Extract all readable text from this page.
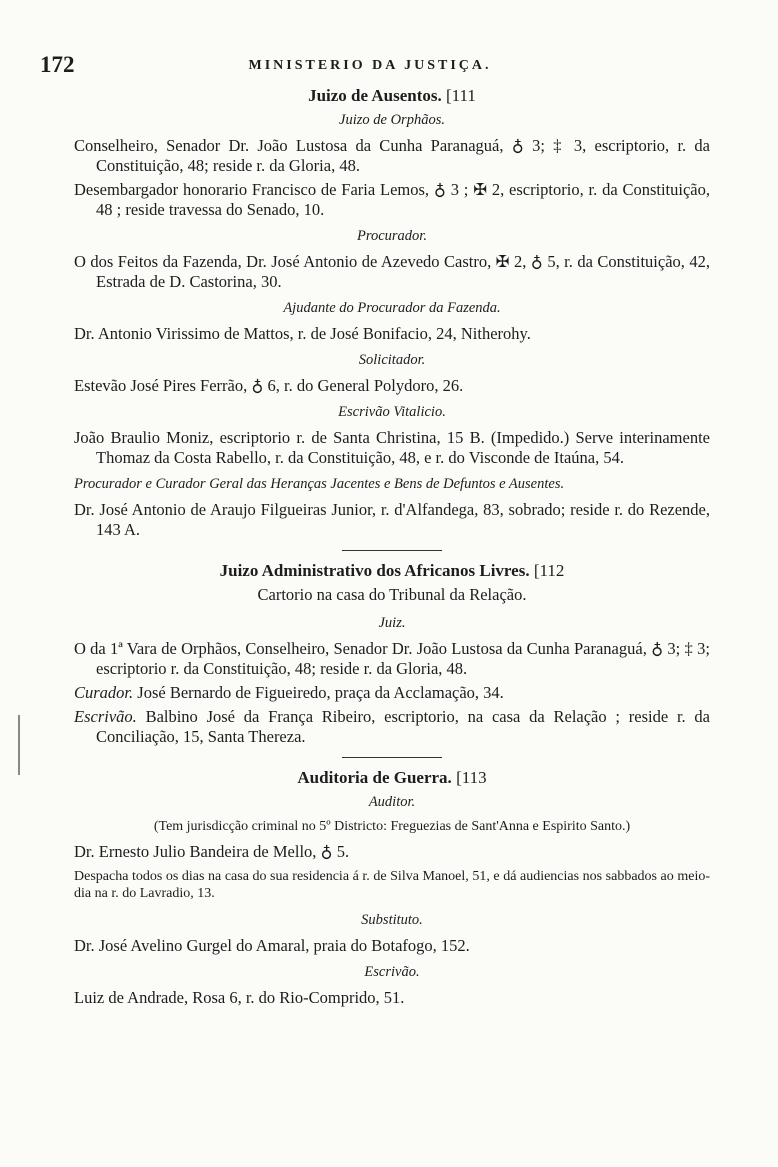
172	MINISTERIO DA JUSTIÇA.
Juizo de Ausentos. [111
Juizo de Orphãos.

Conselheiro, Senador Dr. João Lustosa da Cunha Paranaguá, ♁ 3; ‡ 3, escriptorio, r. da Constituição, 48; reside r. da Gloria, 48.

Desembargador honorario Francisco de Faria Lemos, ♁ 3 ; ✠ 2, escriptorio, r. da Constituição, 48 ; reside travessa do Senado, 10.

Procurador.

O dos Feitos da Fazenda, Dr. José Antonio de Azevedo Castro, ✠ 2, ♁ 5, r. da Constituição, 42, Estrada de D. Castorina, 30.

Ajudante do Procurador da Fazenda.

Dr. Antonio Virissimo de Mattos, r. de José Bonifacio, 24, Nitherohy.

Solicitador.

Estevão José Pires Ferrão, ♁ 6, r. do General Polydoro, 26.

Escrivão Vitalicio.

João Braulio Moniz, escriptorio r. de Santa Christina, 15 B. (Impedido.) Serve interinamente Thomaz da Costa Rabello, r. da Constituição, 48, e r. do Visconde de Itaúna, 54.

Procurador e Curador Geral das Heranças Jacentes e Bens de Defuntos e Ausentes.

Dr. José Antonio de Araujo Filgueiras Junior, r. d'Alfandega, 83, sobrado; reside r. do Rezende, 143 A.

Juizo Administrativo dos Africanos Livres. [112
Cartorio na casa do Tribunal da Relação.
Juiz.

O da 1ª Vara de Orphãos, Conselheiro, Senador Dr. João Lustosa da Cunha Paranaguá, ♁ 3; ‡ 3; escriptorio r. da Constituição, 48; reside r. da Gloria, 48.

Curador. José Bernardo de Figueiredo, praça da Acclamação, 34.

Escrivão. Balbino José da França Ribeiro, escriptorio, na casa da Relação ; reside r. da Conciliação, 15, Santa Thereza.

Auditoria de Guerra. [113
Auditor.
(Tem jurisdicção criminal no 5º Districto: Freguezias de Sant'Anna e Espirito Santo.)

Dr. Ernesto Julio Bandeira de Mello, ♁ 5.

Despacha todos os dias na casa do sua residencia á r. de Silva Manoel, 51, e dá audiencias nos sabbados ao meio-dia na r. do Lavradio, 13.

Substituto.

Dr. José Avelino Gurgel do Amaral, praia do Botafogo, 152.

Escrivão.

Luiz de Andrade, Rosa 6, r. do Rio-Comprido, 51.
